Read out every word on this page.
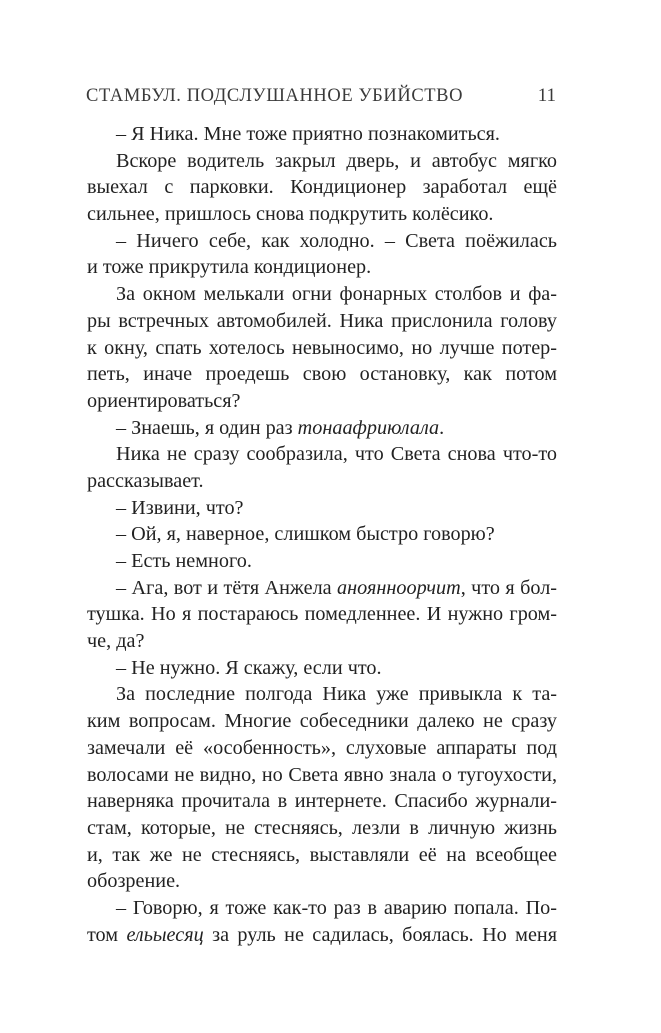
СТАМБУЛ. ПОДСЛУШАННОЕ УБИЙСТВО	11
– Я Ника. Мне тоже приятно познакомиться.
Вскоре водитель закрыл дверь, и автобус мягко
выехал с парковки. Кондиционер заработал ещё
сильнее, пришлось снова подкрутить колёсико.
– Ничего себе, как холодно. – Света поёжилась
и тоже прикрутила кондиционер.
За окном мелькали огни фонарных столбов и фа-
ры встречных автомобилей. Ника прислонила голову
к окну, спать хотелось невыносимо, но лучше потер-
петь, иначе проедешь свою остановку, как потом
ориентироваться?
– Знаешь, я один раз тонаафриюлала.
Ника не сразу сообразила, что Света снова что-то
рассказывает.
– Извини, что?
– Ой, я, наверное, слишком быстро говорю?
– Есть немного.
– Ага, вот и тётя Анжела аноянноорчит, что я бол-
тушка. Но я постараюсь помедленнее. И нужно гром-
че, да?
– Не нужно. Я скажу, если что.
За последние полгода Ника уже привыкла к та-
ким вопросам. Многие собеседники далеко не сразу
замечали её «особенность», слуховые аппараты под
волосами не видно, но Света явно знала о тугоухости,
наверняка прочитала в интернете. Спасибо журнали-
стам, которые, не стесняясь, лезли в личную жизнь
и, так же не стесняясь, выставляли её на всеобщее
обозрение.
– Говорю, я тоже как-то раз в аварию попала. По-
том ельыесяц за руль не садилась, боялась. Но меня
